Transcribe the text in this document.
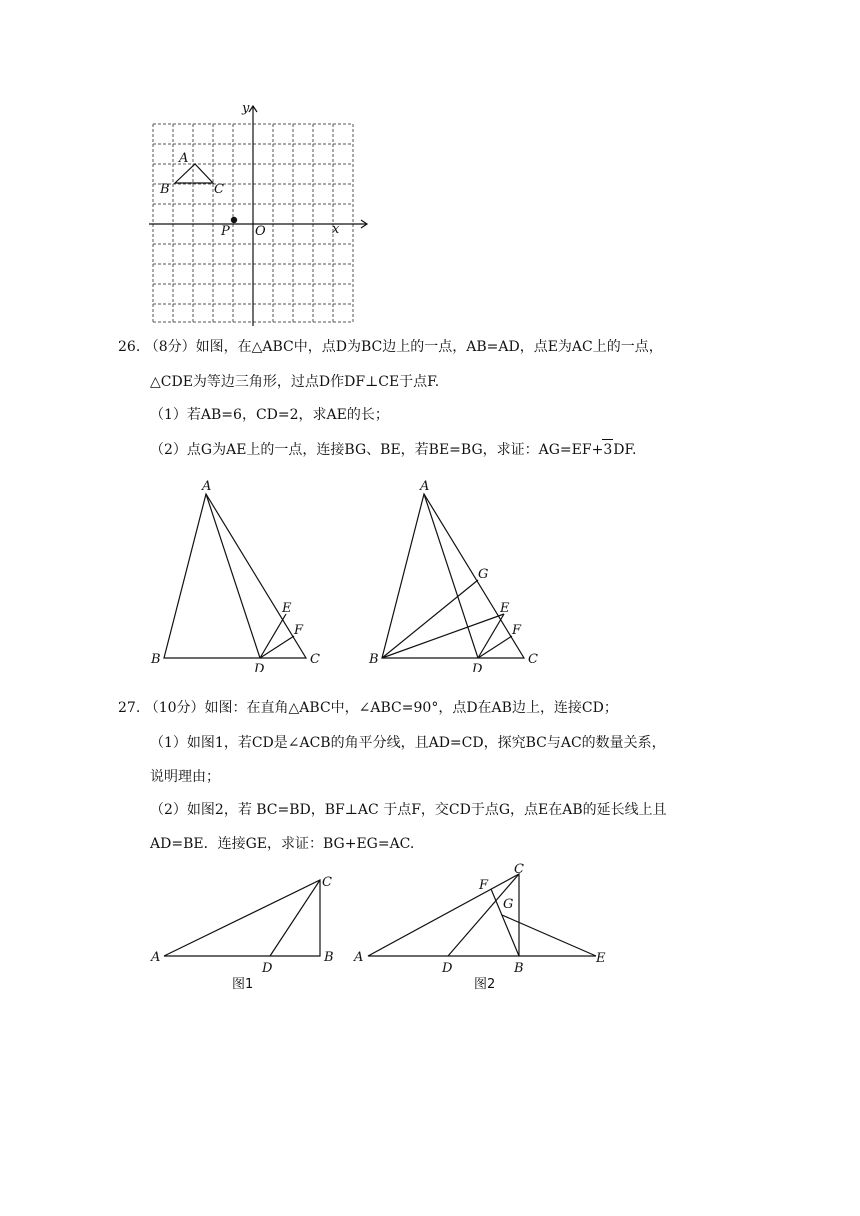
y
x
A
B	C
P O
26. （8分）如图，在△ABC中，点D为BC边上的一点，AB=AD，点E为AC上的一点，
△CDE为等边三角形，过点D作DF⊥CE于点F.
（1）若AB=6，CD=2，求AE的长；
（2）点G为AE上的一点，连接BG、BE，若BE=BG，求证：AG=EF+3DF.
A
B	C
D
E
F
A
B	C
D
E
F
G
27. （10分）如图：在直角△ABC中，∠ABC=90°，点D在AB边上，连接CD；
（1）如图1，若CD是∠ACB的角平分线，且AD=CD，探究BC与AC的数量关系，
说明理由；
（2）如图2，若 BC=BD，BF⊥AC 于点F，交CD于点G，点E在AB的延长线上且
AD=BE．连接GE，求证：BG+EG=AC.
A	B
C
D
图1
A
D	B
E
C
F
G
图2
